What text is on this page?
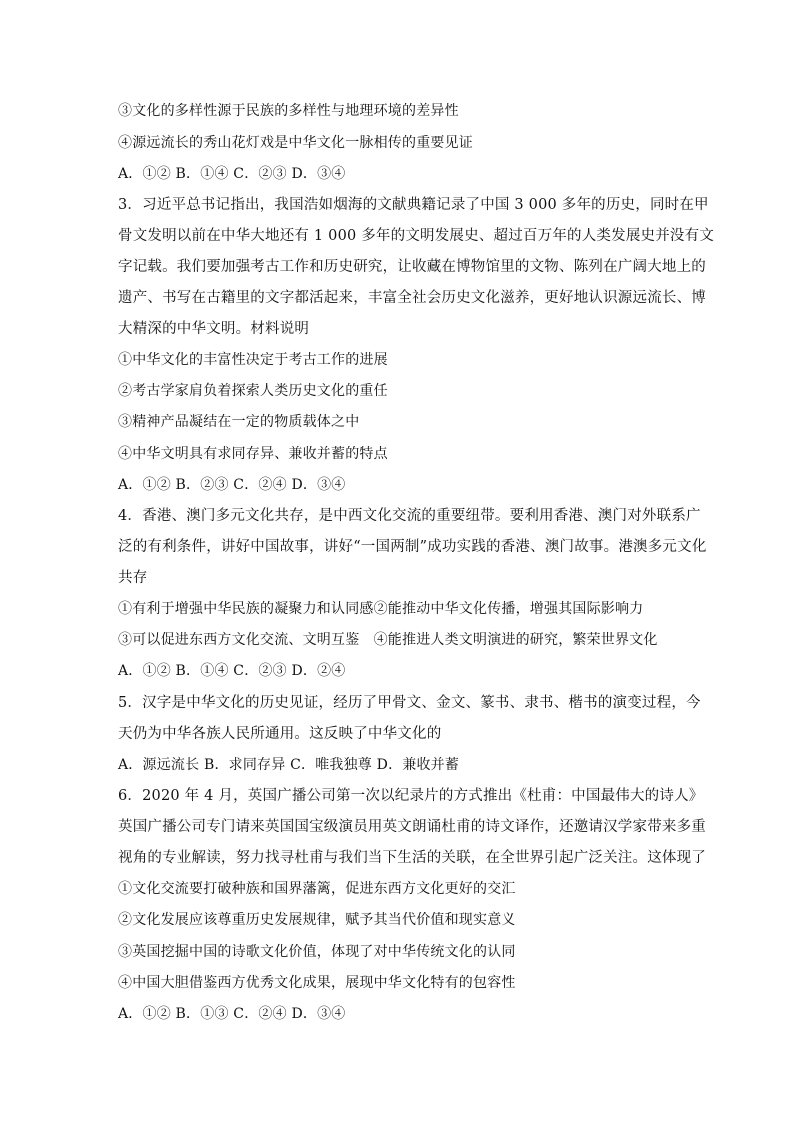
③文化的多样性源于民族的多样性与地理环境的差异性
④源远流长的秀山花灯戏是中华文化一脉相传的重要见证
A．①② B．①④ C．②③ D．③④
3．习近平总书记指出，我国浩如烟海的文献典籍记录了中国 3 000 多年的历史，同时在甲
骨文发明以前在中华大地还有 1 000 多年的文明发展史、超过百万年的人类发展史并没有文
字记载。我们要加强考古工作和历史研究，让收藏在博物馆里的文物、陈列在广阔大地上的
遗产、书写在古籍里的文字都活起来，丰富全社会历史文化滋养，更好地认识源远流长、博
大精深的中华文明。材料说明
①中华文化的丰富性决定于考古工作的进展
②考古学家肩负着探索人类历史文化的重任
③精神产品凝结在一定的物质载体之中
④中华文明具有求同存异、兼收并蓄的特点
A．①② B．②③ C．②④ D．③④
4．香港、澳门多元文化共存，是中西文化交流的重要纽带。要利用香港、澳门对外联系广
泛的有利条件，讲好中国故事，讲好“一国两制”成功实践的香港、澳门故事。港澳多元文化
共存
①有利于增强中华民族的凝聚力和认同感②能推动中华文化传播，增强其国际影响力
③可以促进东西方文化交流、文明互鉴　④能推进人类文明演进的研究，繁荣世界文化
A．①② B．①④ C．②③ D．②④
5．汉字是中华文化的历史见证，经历了甲骨文、金文、篆书、隶书、楷书的演变过程，今
天仍为中华各族人民所通用。这反映了中华文化的
A．源远流长 B．求同存异 C．唯我独尊 D．兼收并蓄
6．2020 年 4 月，英国广播公司第一次以纪录片的方式推出《杜甫：中国最伟大的诗人》
英国广播公司专门请来英国国宝级演员用英文朗诵杜甫的诗文译作，还邀请汉学家带来多重
视角的专业解读，努力找寻杜甫与我们当下生活的关联，在全世界引起广泛关注。这体现了
①文化交流要打破种族和国界藩篱，促进东西方文化更好的交汇
②文化发展应该尊重历史发展规律，赋予其当代价值和现实意义
③英国挖掘中国的诗歌文化价值，体现了对中华传统文化的认同
④中国大胆借鉴西方优秀文化成果，展现中华文化特有的包容性
A．①② B．①③ C．②④ D．③④
